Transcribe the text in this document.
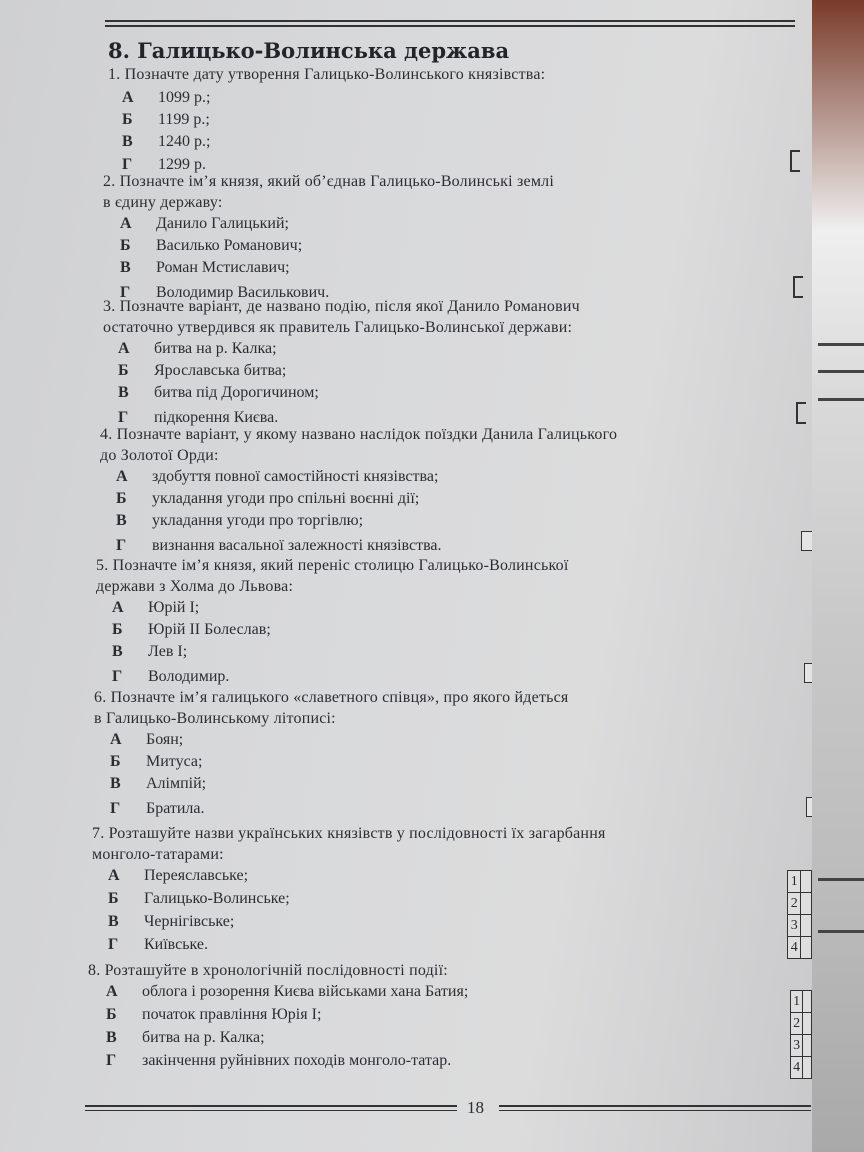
8. Галицько-Волинська держава
1. Позначте дату утворення Галицько-Волинського князівства:
А 1099 р.;
Б 1199 р.;
В 1240 р.;
Г 1299 р.
2. Позначте ім’я князя, який об’єднав Галицько-Волинські землі
в єдину державу:
А Данило Галицький;
Б Василько Романович;
В Роман Мстиславич;
Г Володимир Василькович.
3. Позначте варіант, де названо подію, після якої Данило Романович
остаточно утвердився як правитель Галицько-Волинської держави:
А битва на р. Калка;
Б Ярославська битва;
В битва під Дорогичином;
Г підкорення Києва.
4. Позначте варіант, у якому названо наслідок поїздки Данила Галицького
до Золотої Орди:
А здобуття повної самостійності князівства;
Б укладання угоди про спільні воєнні дії;
В укладання угоди про торгівлю;
Г визнання васальної залежності князівства.
5. Позначте ім’я князя, який переніс столицю Галицько-Волинської
держави з Холма до Львова:
А Юрій І;
Б Юрій ІІ Болеслав;
В Лев І;
Г Володимир.
6. Позначте ім’я галицького «славетного співця», про якого йдеться
в Галицько-Волинському літописі:
А Боян;
Б Митуса;
В Алімпій;
Г Братила.
7. Розташуйте назви українських князівств у послідовності їх загарбання
монголо-татарами:
А Переяславське;
Б Галицько-Волинське;
В Чернігівське;
Г Київське.
1	
2	
3	
4	
8. Розташуйте в хронологічній послідовності події:
А облога і розорення Києва військами хана Батия;
Б початок правління Юрія І;
В битва на р. Калка;
Г закінчення руйнівних походів монголо-татар.
1	
2	
3	
4	
18
